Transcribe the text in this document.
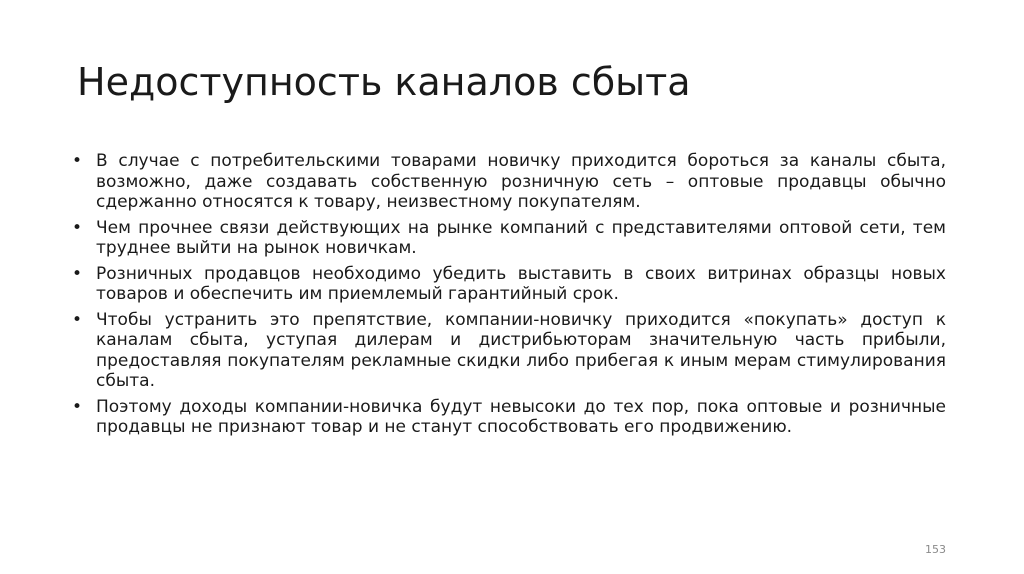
Недоступность каналов сбыта
• В случае с потребительскими товарами новичку приходится бороться за каналы сбыта, возможно, даже создавать собственную розничную сеть – оптовые продавцы обычно сдержанно относятся к товару, неизвестному покупателям.
• Чем прочнее связи действующих на рынке компаний с представителями оптовой сети, тем труднее выйти на рынок новичкам.
• Розничных продавцов необходимо убедить выставить в своих витринах образцы новых товаров и обеспечить им приемлемый гарантийный срок.
• Чтобы устранить это препятствие, компании-новичку приходится «покупать» доступ к каналам сбыта, уступая дилерам и дистрибьюторам значительную часть прибыли, предоставляя покупателям рекламные скидки либо прибегая к иным мерам стимулирования сбыта.
• Поэтому доходы компании-новичка будут невысоки до тех пор, пока оптовые и розничные продавцы не признают товар и не станут способствовать его продвижению.
153
